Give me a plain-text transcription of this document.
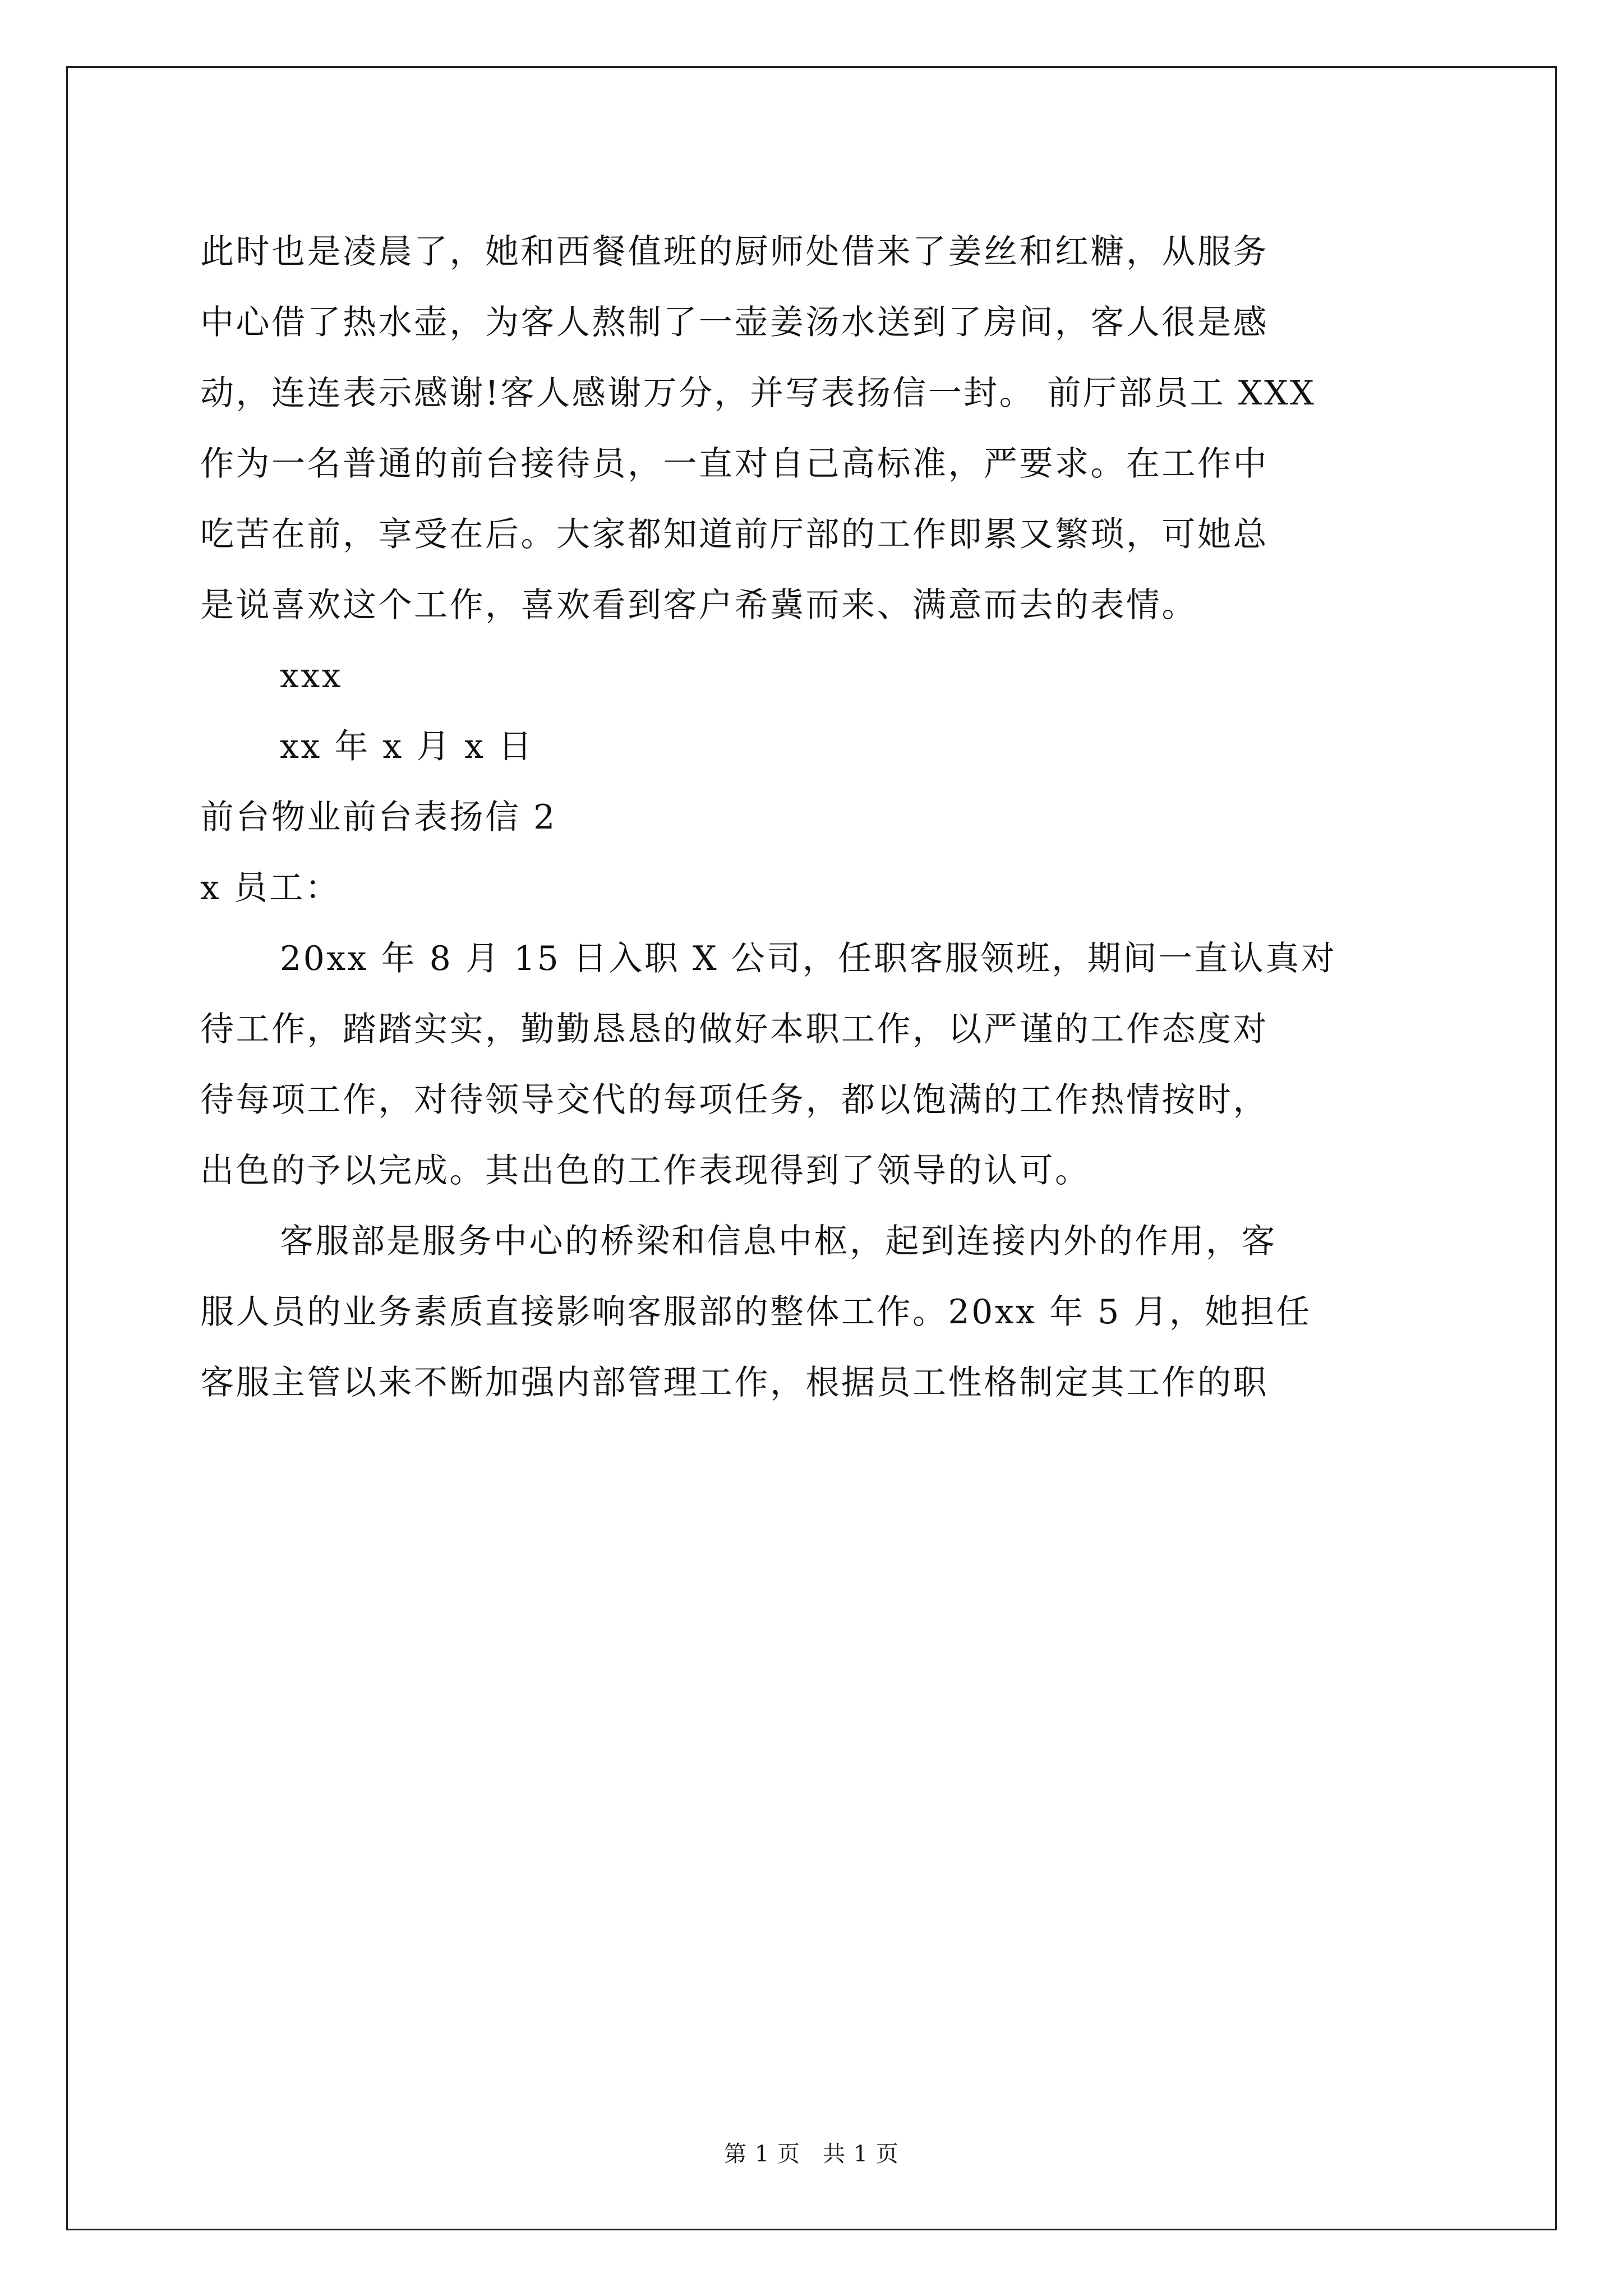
此时也是凌晨了，她和西餐值班的厨师处借来了姜丝和红糖，从服务
中心借了热水壶，为客人熬制了一壶姜汤水送到了房间，客人很是感
动，连连表示感谢!客人感谢万分，并写表扬信一封。 前厅部员工 XXX
作为一名普通的前台接待员，一直对自己高标准，严要求。在工作中
吃苦在前，享受在后。大家都知道前厅部的工作即累又繁琐，可她总
是说喜欢这个工作，喜欢看到客户希冀而来、满意而去的表情。
xxx
xx 年 x 月 x 日
前台物业前台表扬信 2
x 员工：
20xx 年 8 月 15 日入职 X 公司，任职客服领班，期间一直认真对
待工作，踏踏实实，勤勤恳恳的做好本职工作，以严谨的工作态度对
待每项工作，对待领导交代的每项任务，都以饱满的工作热情按时，
出色的予以完成。其出色的工作表现得到了领导的认可。
客服部是服务中心的桥梁和信息中枢，起到连接内外的作用，客
服人员的业务素质直接影响客服部的整体工作。20xx 年 5 月，她担任
客服主管以来不断加强内部管理工作，根据员工性格制定其工作的职
第 1 页 共 1 页
